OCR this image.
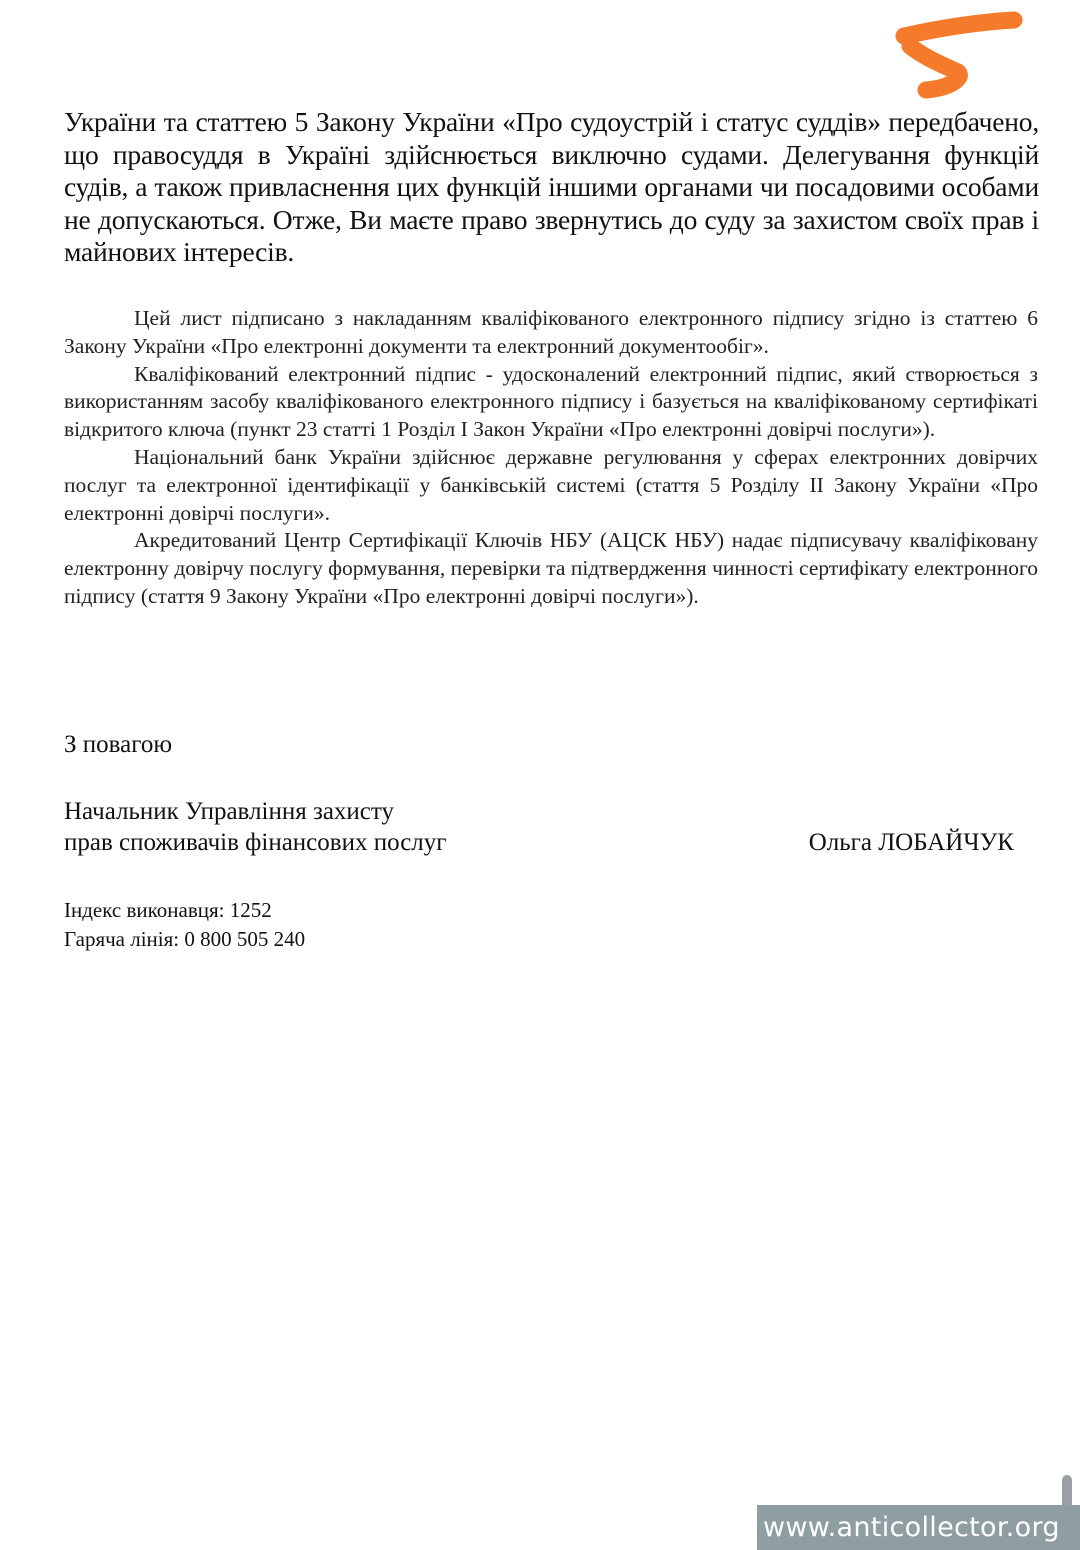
України та статтею 5 Закону України «Про судоустрій і статус суддів» передбачено, що правосуддя в Україні здійснюється виключно судами. Делегування функцій судів, а також привласнення цих функцій іншими органами чи посадовими особами не допускаються. Отже, Ви маєте право звернутись до суду за захистом своїх прав і майнових інтересів.

Цей лист підписано з накладанням кваліфікованого електронного підпису згідно із статтею 6 Закону України «Про електронні документи та електронний документообіг».

Кваліфікований електронний підпис - удосконалений електронний підпис, який створюється з використанням засобу кваліфікованого електронного підпису і базується на кваліфікованому сертифікаті відкритого ключа (пункт 23 статті 1 Розділ І Закон України «Про електронні довірчі послуги»).

Національний банк України здійснює державне регулювання у сферах електронних довірчих послуг та електронної ідентифікації у банківській системі (стаття 5 Розділу ІІ Закону України «Про електронні довірчі послуги».

Акредитований Центр Сертифікації Ключів НБУ (АЦСК НБУ) надає підписувачу кваліфіковану електронну довірчу послугу формування, перевірки та підтвердження чинності сертифікату електронного підпису (стаття 9 Закону України «Про електронні довірчі послуги»).

З повагою

Начальник Управління захисту
прав споживачів фінансових послуг	Ольга ЛОБАЙЧУК
Індекс виконавця: 1252
Гаряча лінія: 0 800 505 240
www.anticollector.org
